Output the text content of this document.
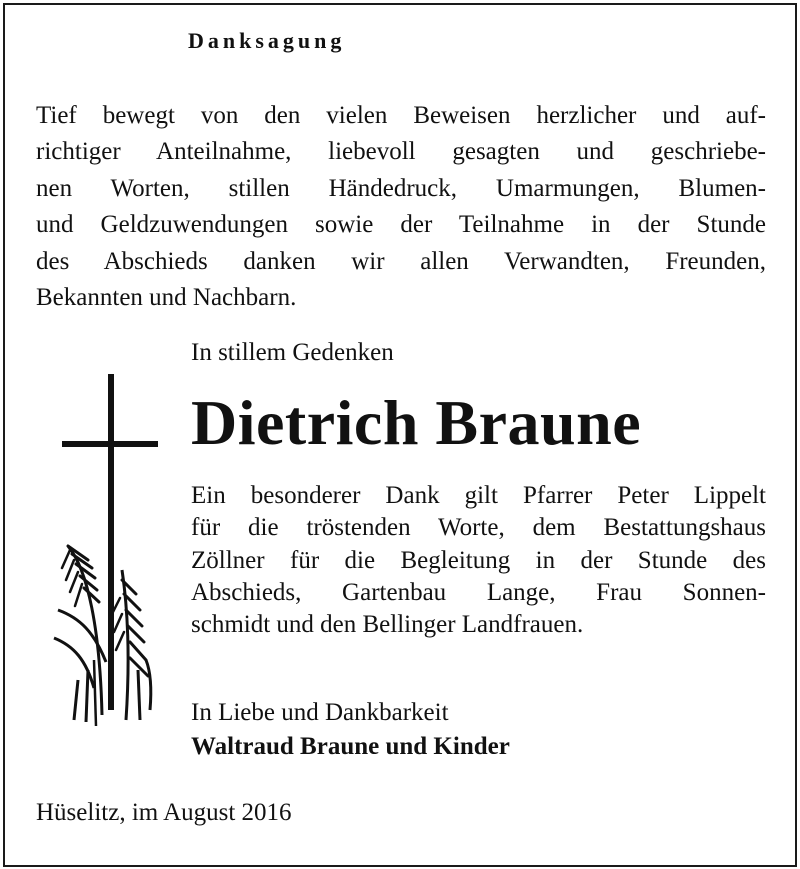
Danksagung
Tief bewegt von den vielen Beweisen herzlicher und auf-
richtiger Anteilnahme, liebevoll gesagten und geschriebe-
nen Worten, stillen Händedruck, Umarmungen, Blumen-
und Geldzuwendungen sowie der Teilnahme in der Stunde
des Abschieds danken wir allen Verwandten, Freunden,
Bekannten und Nachbarn.
In stillem Gedenken
Dietrich Braune
Ein besonderer Dank gilt Pfarrer Peter Lippelt
für die tröstenden Worte, dem Bestattungshaus
Zöllner für die Begleitung in der Stunde des
Abschieds, Gartenbau Lange, Frau Sonnen-
schmidt und den Bellinger Landfrauen.
In Liebe und Dankbarkeit
Waltraud Braune und Kinder
Hüselitz, im August 2016
